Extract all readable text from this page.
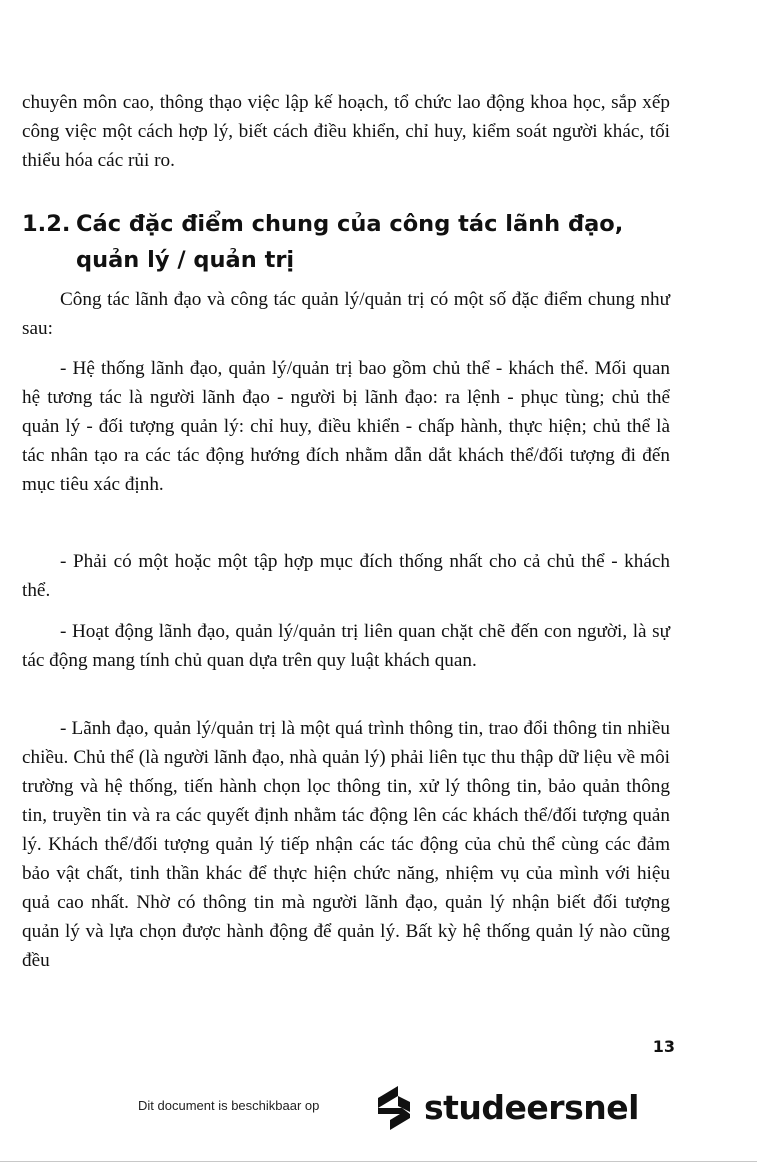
chuyên môn cao, thông thạo việc lập kế hoạch, tổ chức lao động khoa học, sắp xếp công việc một cách hợp lý, biết cách điều khiển, chỉ huy, kiểm soát người khác, tối thiểu hóa các rủi ro.

1.2. Các đặc điểm chung của công tác lãnh đạo,
quản lý / quản trị

Công tác lãnh đạo và công tác quản lý/quản trị có một số đặc điểm chung như sau:

- Hệ thống lãnh đạo, quản lý/quản trị bao gồm chủ thể - khách thể. Mối quan hệ tương tác là người lãnh đạo - người bị lãnh đạo: ra lệnh - phục tùng; chủ thể quản lý - đối tượng quản lý: chỉ huy, điều khiển - chấp hành, thực hiện; chủ thể là tác nhân tạo ra các tác động hướng đích nhằm dẫn dắt khách thể/đối tượng đi đến mục tiêu xác định.

- Phải có một hoặc một tập hợp mục đích thống nhất cho cả chủ thể - khách thể.

- Hoạt động lãnh đạo, quản lý/quản trị liên quan chặt chẽ đến con người, là sự tác động mang tính chủ quan dựa trên quy luật khách quan.

- Lãnh đạo, quản lý/quản trị là một quá trình thông tin, trao đổi thông tin nhiều chiều. Chủ thể (là người lãnh đạo, nhà quản lý) phải liên tục thu thập dữ liệu về môi trường và hệ thống, tiến hành chọn lọc thông tin, xử lý thông tin, bảo quản thông tin, truyền tin và ra các quyết định nhằm tác động lên các khách thể/đối tượng quản lý. Khách thể/đối tượng quản lý tiếp nhận các tác động của chủ thể cùng các đảm bảo vật chất, tinh thần khác để thực hiện chức năng, nhiệm vụ của mình với hiệu quả cao nhất. Nhờ có thông tin mà người lãnh đạo, quản lý nhận biết đối tượng quản lý và lựa chọn được hành động để quản lý. Bất kỳ hệ thống quản lý nào cũng đều

13
Dit document is beschikbaar op	studeersnel
